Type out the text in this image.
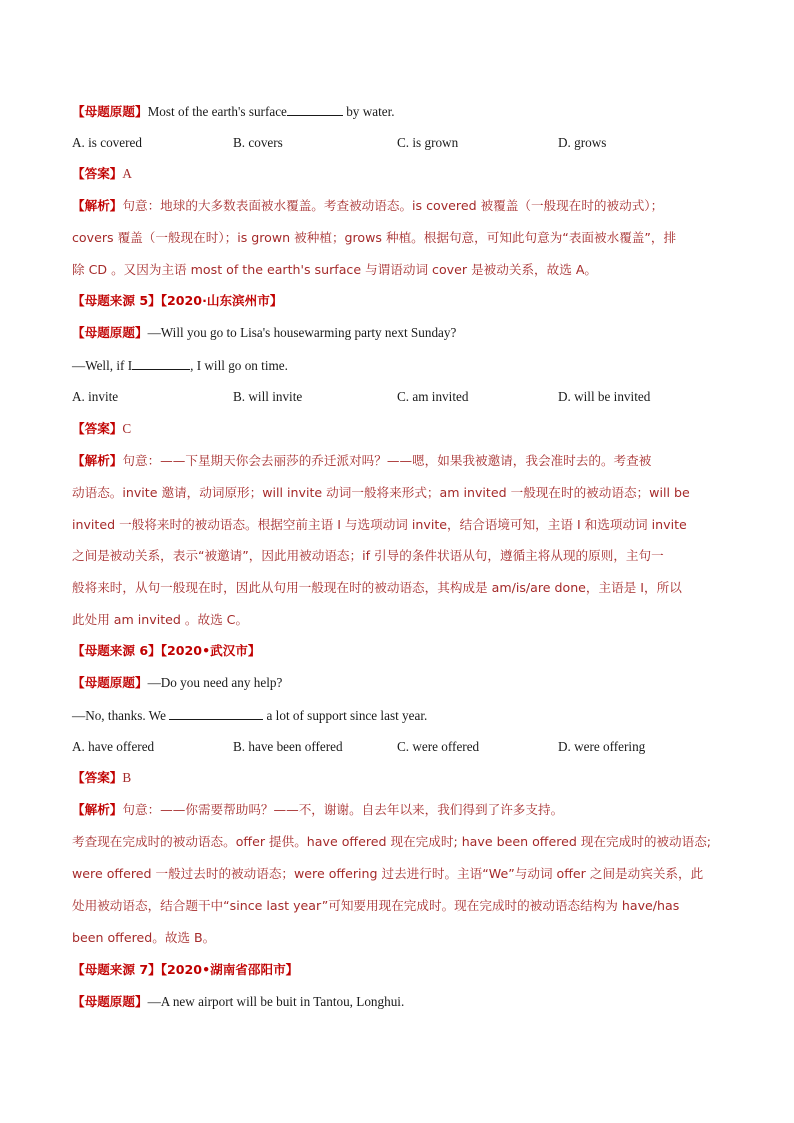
【母题原题】Most of the earth's surface	by water.
A. is covered	B. covers	C. is grown	D. grows
【答案】A
【解析】句意：地球的大多数表面被水覆盖。考查被动语态。is covered 被覆盖（一般现在时的被动式）；
covers 覆盖（一般现在时）；is grown 被种植；grows 种植。根据句意，可知此句意为“表面被水覆盖”，排
除 CD 。又因为主语 most of the earth's surface 与谓语动词 cover 是被动关系，故选 A。
【母题来源 5】【2020·山东滨州市】
【母题原题】—Will you go to Lisa's housewarming party next Sunday?
—Well, if I	, I will go on time.
A. invite	B. will invite	C. am invited	D. will be invited
【答案】C
【解析】句意：——下星期天你会去丽莎的乔迁派对吗？——嗯，如果我被邀请，我会准时去的。考查被
动语态。invite 邀请，动词原形；will invite 动词一般将来形式；am invited 一般现在时的被动语态；will be
invited 一般将来时的被动语态。根据空前主语 I 与选项动词 invite，结合语境可知，主语 I 和选项动词 invite
之间是被动关系，表示“被邀请”，因此用被动语态；if 引导的条件状语从句，遵循主将从现的原则，主句一
般将来时，从句一般现在时，因此从句用一般现在时的被动语态，其构成是 am/is/are done，主语是 I，所以
此处用 am invited 。故选 C。
【母题来源 6】【2020•武汉市】
【母题原题】—Do you need any help?
—No, thanks. We	a lot of support since last year.
A. have offered	B. have been offered	C. were offered	D. were offering
【答案】B
【解析】句意：——你需要帮助吗？——不，谢谢。自去年以来，我们得到了许多支持。
考查现在完成时的被动语态。offer 提供。have offered 现在完成时; have been offered 现在完成时的被动语态;
were offered 一般过去时的被动语态；were offering 过去进行时。主语“We”与动词 offer 之间是动宾关系，此
处用被动语态，结合题干中“since last year”可知要用现在完成时。现在完成时的被动语态结构为 have/has
been offered。故选 B。
【母题来源 7】【2020•湖南省邵阳市】
【母题原题】—A new airport will be buit in Tantou, Longhui.
